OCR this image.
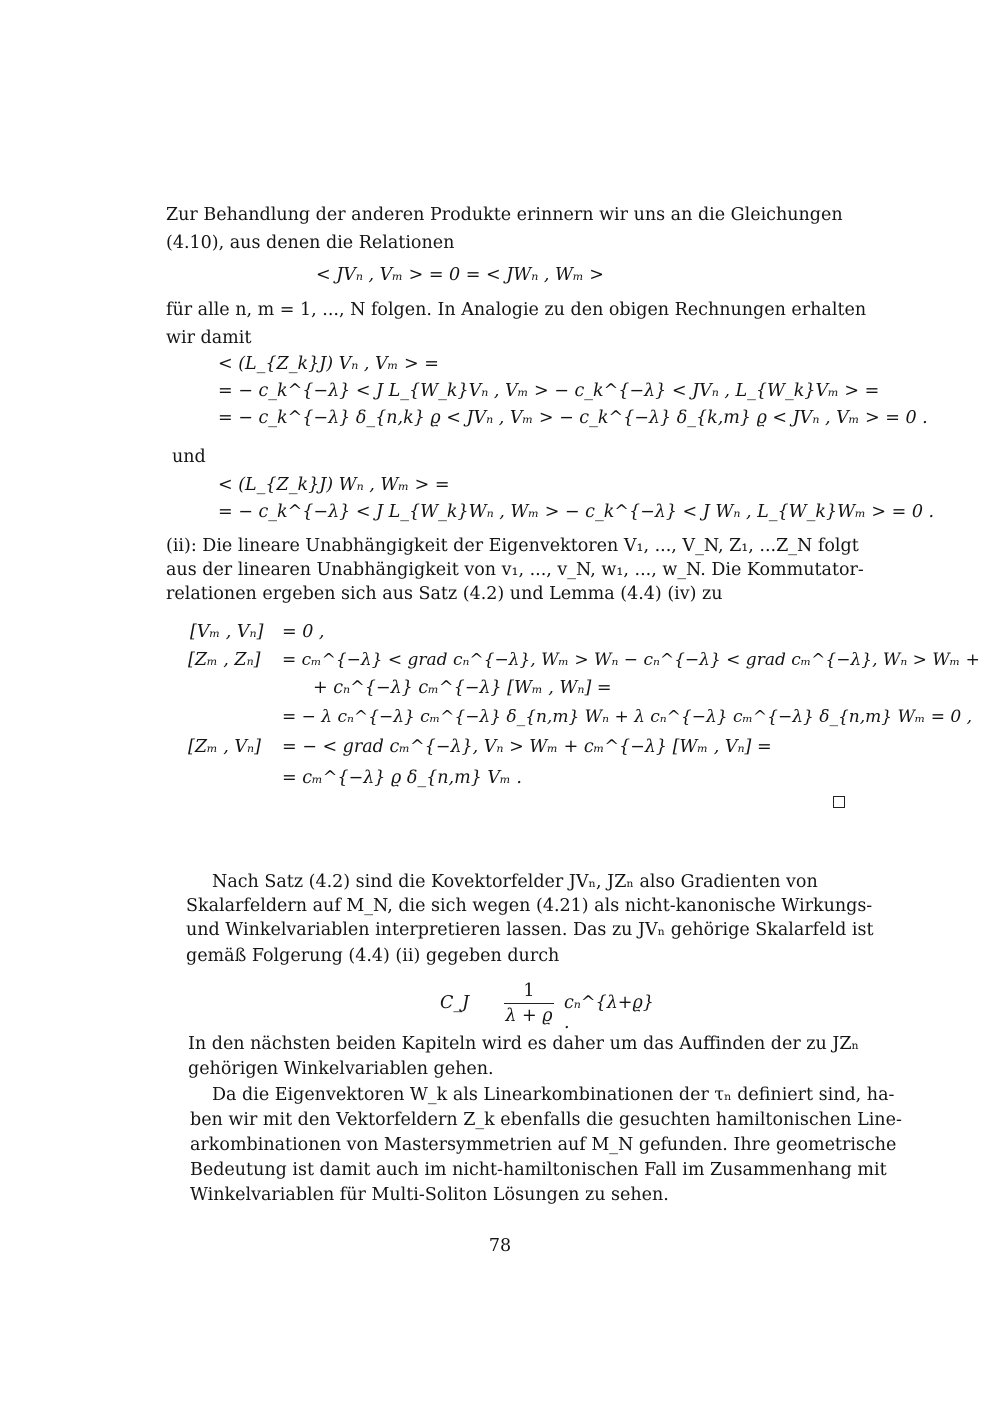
Zur Behandlung der anderen Produkte erinnern wir uns an die Gleichungen
(4.10), aus denen die Relationen
< JVₙ , Vₘ > = 0 = < JWₙ , Wₘ >
für alle n, m = 1, ..., N folgen. In Analogie zu den obigen Rechnungen erhalten
wir damit
< (L_{Z_k}J) Vₙ , Vₘ > =
= − c_k^{−λ} < J L_{W_k}Vₙ , Vₘ > − c_k^{−λ} < JVₙ , L_{W_k}Vₘ > =
= − c_k^{−λ} δ_{n,k} ϱ < JVₙ , Vₘ > − c_k^{−λ} δ_{k,m} ϱ < JVₙ , Vₘ > = 0 .
und
< (L_{Z_k}J) Wₙ , Wₘ > =
= − c_k^{−λ} < J L_{W_k}Wₙ , Wₘ > − c_k^{−λ} < J Wₙ , L_{W_k}Wₘ > = 0 .
(ii): Die lineare Unabhängigkeit der Eigenvektoren V₁, ..., V_N, Z₁, ...Z_N folgt
aus der linearen Unabhängigkeit von v₁, ..., v_N, w₁, ..., w_N. Die Kommutator-
relationen ergeben sich aus Satz (4.2) und Lemma (4.4) (iv) zu
[Vₘ , Vₙ] = 0 ,
[Zₘ , Zₙ] = cₘ^{−λ} < grad cₙ^{−λ}, Wₘ > Wₙ − cₙ^{−λ} < grad cₘ^{−λ}, Wₙ > Wₘ +
+ cₙ^{−λ} cₘ^{−λ} [Wₘ , Wₙ] =
= − λ cₙ^{−λ} cₘ^{−λ} δ_{n,m} Wₙ + λ cₙ^{−λ} cₘ^{−λ} δ_{n,m} Wₘ = 0 ,
[Zₘ , Vₙ] = − < grad cₘ^{−λ}, Vₙ > Wₘ + cₘ^{−λ} [Wₘ , Vₙ] =
= cₘ^{−λ} ϱ δ_{n,m} Vₘ .
Nach Satz (4.2) sind die Kovektorfelder JVₙ, JZₙ also Gradienten von
Skalarfeldern auf M_N, die sich wegen (4.21) als nicht-kanonische Wirkungs-
und Winkelvariablen interpretieren lassen. Das zu JVₙ gehörige Skalarfeld ist
gemäß Folgerung (4.4) (ii) gegeben durch
C_J
1
λ + ϱ
cₙ^{λ+ϱ} .
In den nächsten beiden Kapiteln wird es daher um das Auffinden der zu JZₙ
gehörigen Winkelvariablen gehen.
Da die Eigenvektoren W_k als Linearkombinationen der τₙ definiert sind, ha-
ben wir mit den Vektorfeldern Z_k ebenfalls die gesuchten hamiltonischen Line-
arkombinationen von Mastersymmetrien auf M_N gefunden. Ihre geometrische
Bedeutung ist damit auch im nicht-hamiltonischen Fall im Zusammenhang mit
Winkelvariablen für Multi-Soliton Lösungen zu sehen.
78
